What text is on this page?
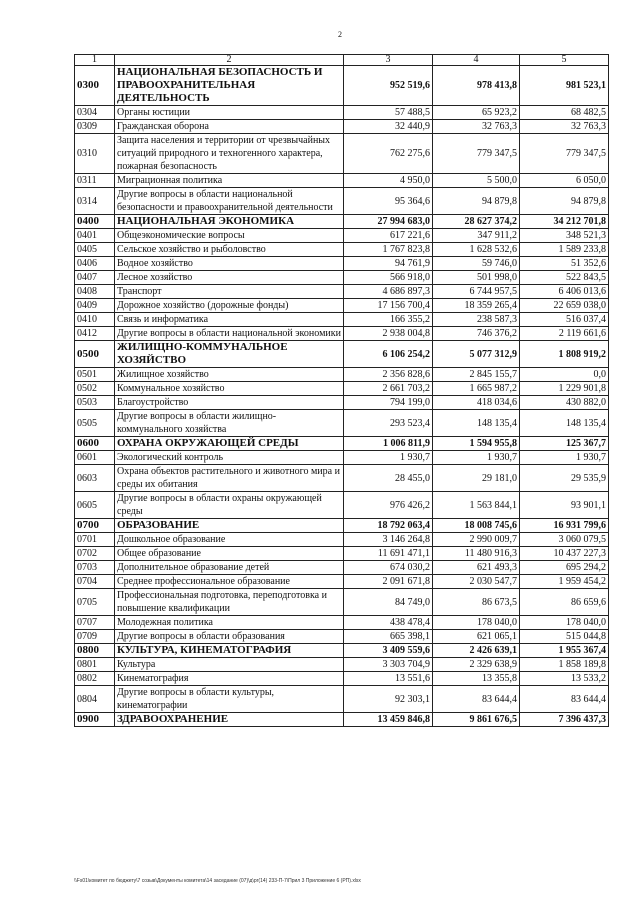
2
1	2	3	4	5
0300	НАЦИОНАЛЬНАЯ БЕЗОПАСНОСТЬ И ПРАВООХРАНИТЕЛЬНАЯ ДЕЯТЕЛЬНОСТЬ	952 519,6	978 413,8	981 523,1
0304	Органы юстиции	57 488,5	65 923,2	68 482,5
0309	Гражданская оборона	32 440,9	32 763,3	32 763,3
0310	Защита населения и территории от чрезвычайных ситуаций природного и техногенного характера, пожарная безопасность	762 275,6	779 347,5	779 347,5
0311	Миграционная политика	4 950,0	5 500,0	6 050,0
0314	Другие вопросы в области национальной безопасности и правоохранительной деятельности	95 364,6	94 879,8	94 879,8
0400	НАЦИОНАЛЬНАЯ ЭКОНОМИКА	27 994 683,0	28 627 374,2	34 212 701,8
0401	Общеэкономические вопросы	617 221,6	347 911,2	348 521,3
0405	Сельское хозяйство и рыболовство	1 767 823,8	1 628 532,6	1 589 233,8
0406	Водное хозяйство	94 761,9	59 746,0	51 352,6
0407	Лесное хозяйство	566 918,0	501 998,0	522 843,5
0408	Транспорт	4 686 897,3	6 744 957,5	6 406 013,6
0409	Дорожное хозяйство (дорожные фонды)	17 156 700,4	18 359 265,4	22 659 038,0
0410	Связь и информатика	166 355,2	238 587,3	516 037,4
0412	Другие вопросы в области национальной экономики	2 938 004,8	746 376,2	2 119 661,6
0500	ЖИЛИЩНО-КОММУНАЛЬНОЕ ХОЗЯЙСТВО	6 106 254,2	5 077 312,9	1 808 919,2
0501	Жилищное хозяйство	2 356 828,6	2 845 155,7	0,0
0502	Коммунальное хозяйство	2 661 703,2	1 665 987,2	1 229 901,8
0503	Благоустройство	794 199,0	418 034,6	430 882,0
0505	Другие вопросы в области жилищно-коммунального хозяйства	293 523,4	148 135,4	148 135,4
0600	ОХРАНА ОКРУЖАЮЩЕЙ СРЕДЫ	1 006 811,9	1 594 955,8	125 367,7
0601	Экологический контроль	1 930,7	1 930,7	1 930,7
0603	Охрана объектов растительного и животного мира и среды их обитания	28 455,0	29 181,0	29 535,9
0605	Другие вопросы в области охраны окружающей среды	976 426,2	1 563 844,1	93 901,1
0700	ОБРАЗОВАНИЕ	18 792 063,4	18 008 745,6	16 931 799,6
0701	Дошкольное образование	3 146 264,8	2 990 009,7	3 060 079,5
0702	Общее образование	11 691 471,1	11 480 916,3	10 437 227,3
0703	Дополнительное образование детей	674 030,2	621 493,3	695 294,2
0704	Среднее профессиональное образование	2 091 671,8	2 030 547,7	1 959 454,2
0705	Профессиональная подготовка, переподготовка и повышение квалификации	84 749,0	86 673,5	86 659,6
0707	Молодежная политика	438 478,4	178 040,0	178 040,0
0709	Другие вопросы в области образования	665 398,1	621 065,1	515 044,8
0800	КУЛЬТУРА, КИНЕМАТОГРАФИЯ	3 409 559,6	2 426 639,1	1 955 367,4
0801	Культура	3 303 704,9	2 329 638,9	1 858 189,8
0802	Кинематография	13 551,6	13 355,8	13 533,2
0804	Другие вопросы в области культуры, кинематографии	92 303,1	83 644,4	83 644,4
0900	ЗДРАВООХРАНЕНИЕ	13 459 846,8	9 861 676,5	7 396 437,3
\\Fs01\комитет по бюджету\7 созыв\Документы комитета\14 заседание (07)\д\рг(14) 233-П-7\Прил 3 Приложение 6 (РП).xlsx
